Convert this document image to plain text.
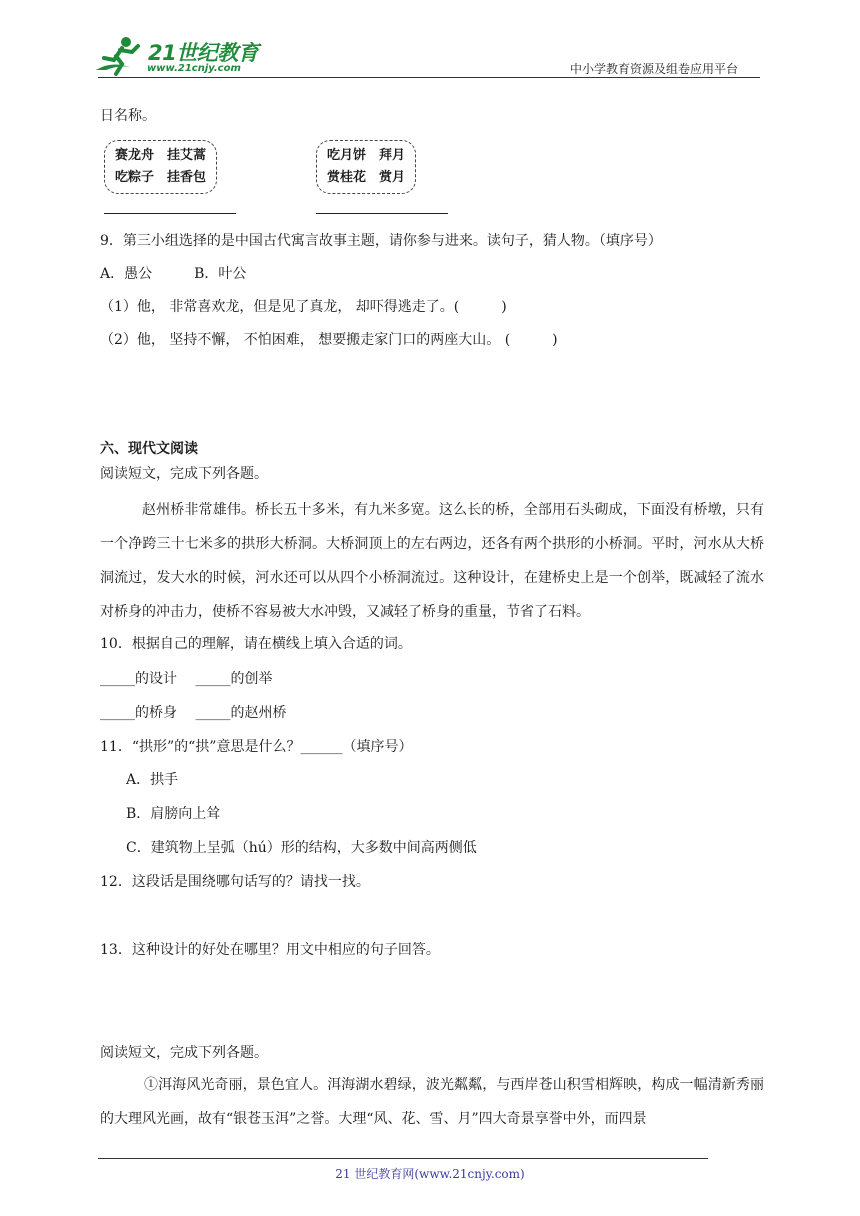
21世纪教育
www.21cnjy.com	中小学教育资源及组卷应用平台
日名称。
赛龙舟　挂艾蒿
吃粽子　挂香包
吃月饼　拜月
赏桂花　赏月
9．第三小组选择的是中国古代寓言故事主题，请你参与进来。读句子，猜人物。（填序号）
A．愚公　　　B．叶公
（1）他， 非常喜欢龙，但是见了真龙， 却吓得逃走了。(　　　)
（2）他， 坚持不懈， 不怕困难， 想要搬走家门口的两座大山。 (　　　)
六、现代文阅读
阅读短文，完成下列各题。
赵州桥非常雄伟。桥长五十多米，有九米多宽。这么长的桥，全部用石头砌成，下面没有桥墩，只有一个净跨三十七米多的拱形大桥洞。大桥洞顶上的左右两边，还各有两个拱形的小桥洞。平时，河水从大桥洞流过，发大水的时候，河水还可以从四个小桥洞流过。这种设计，在建桥史上是一个创举，既减轻了流水对桥身的冲击力，使桥不容易被大水冲毁，又减轻了桥身的重量，节省了石料。
10．根据自己的理解，请在横线上填入合适的词。
_____的设计　 _____的创举
_____的桥身　 _____的赵州桥
11．“拱形”的“拱”意思是什么？______（填序号）
A．拱手
B．肩膀向上耸
C．建筑物上呈弧（hú）形的结构，大多数中间高两侧低
12．这段话是围绕哪句话写的？请找一找。
13．这种设计的好处在哪里？用文中相应的句子回答。
阅读短文，完成下列各题。
①洱海风光奇丽，景色宜人。洱海湖水碧绿，波光粼粼，与西岸苍山积雪相辉映，构成一幅清新秀丽的大理风光画，故有“银苍玉洱”之誉。大理“风、花、雪、月”四大奇景享誉中外，而四景
21 世纪教育网(www.21cnjy.com)
